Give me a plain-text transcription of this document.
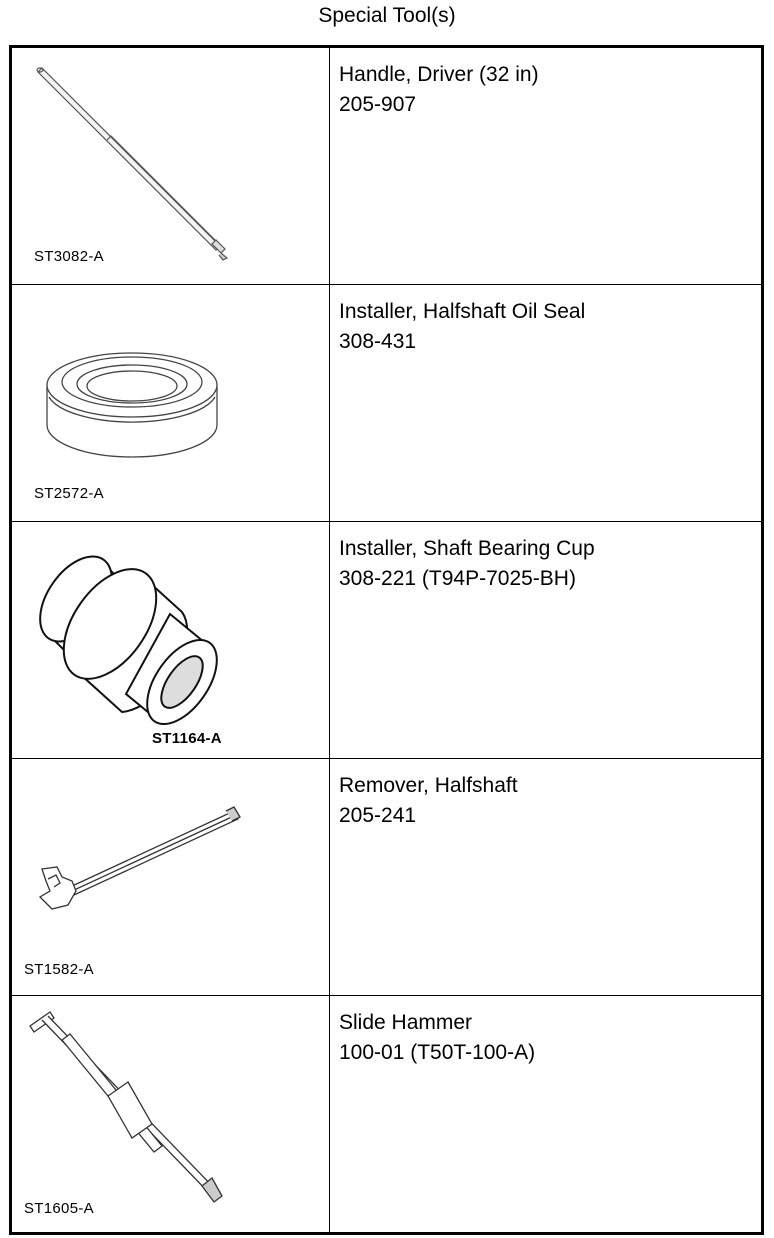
Special Tool(s)
ST3082-A	Handle, Driver (32 in)
205-907

ST2572-A	Installer, Halfshaft Oil Seal
308-431

ST1164-A	Installer, Shaft Bearing Cup
308-221 (T94P-7025-BH)

ST1582-A	Remover, Halfshaft
205-241

ST1605-A	Slide Hammer
100-01 (T50T-100-A)
